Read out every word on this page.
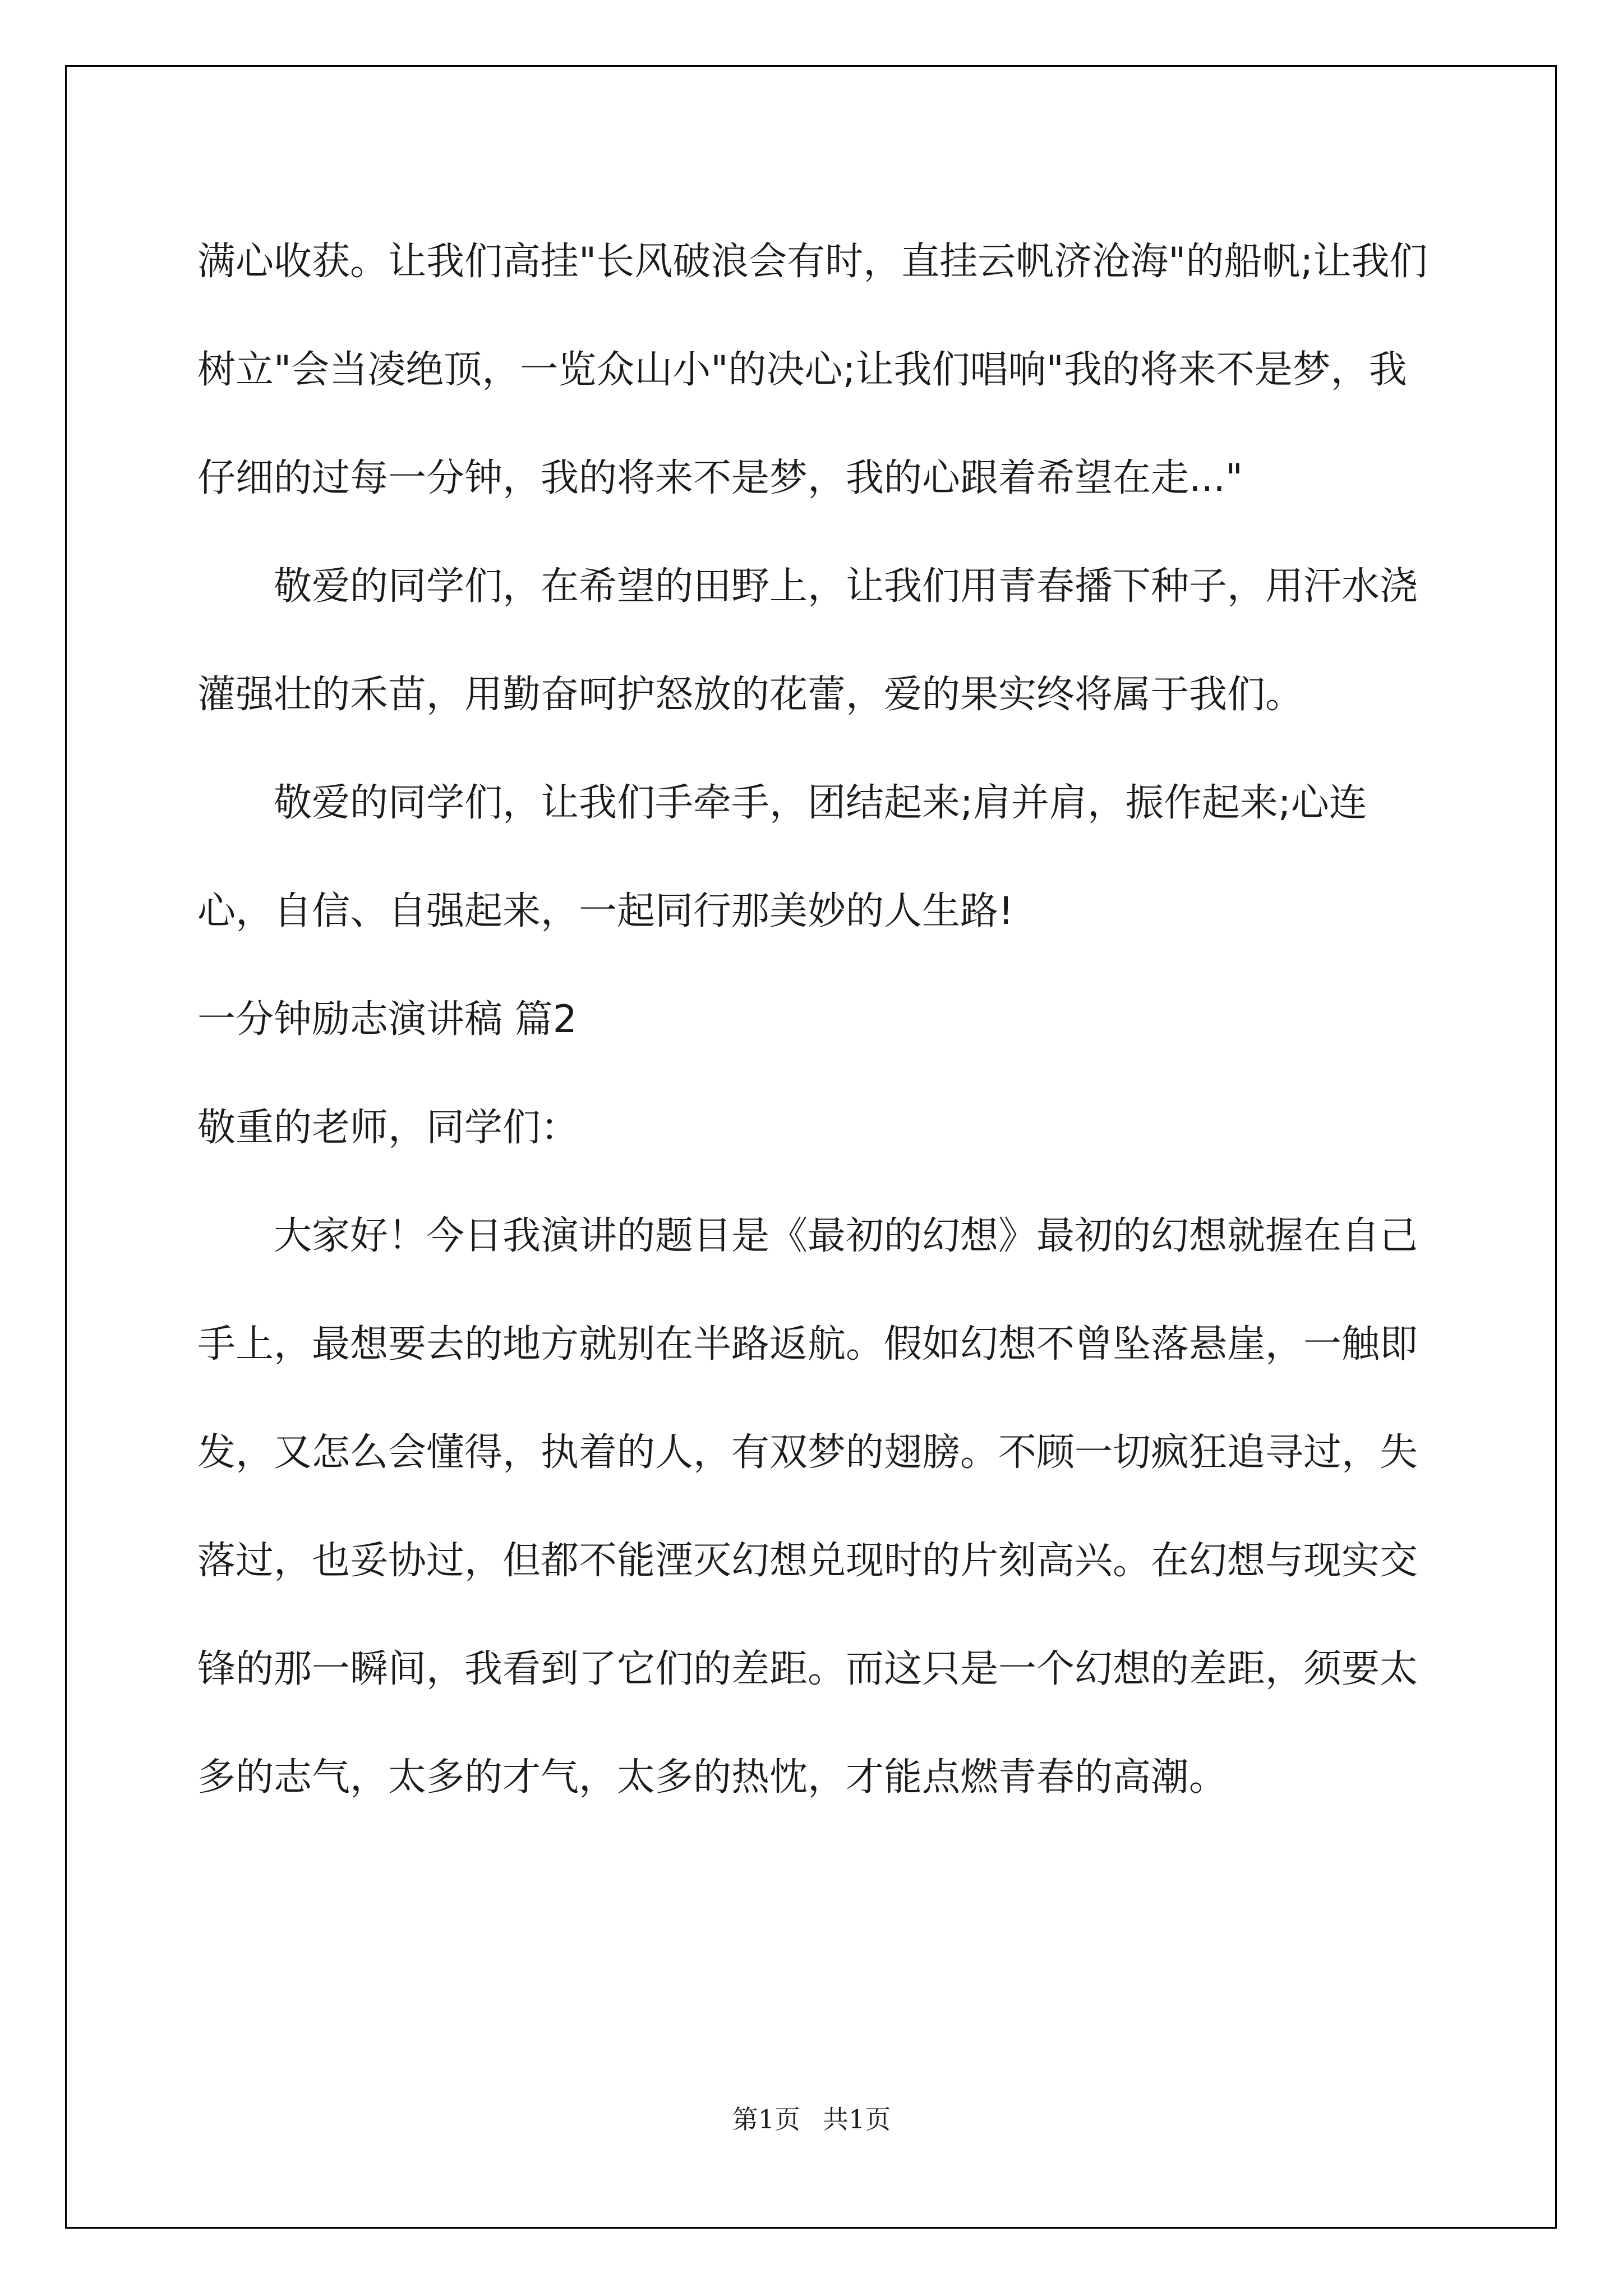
满心收获。让我们高挂"长风破浪会有时，直挂云帆济沧海"的船帆;让我们树立"会当凌绝顶，一览众山小"的决心;让我们唱响"我的将来不是梦，我仔细的过每一分钟，我的将来不是梦，我的心跟着希望在走..."

敬爱的同学们，在希望的田野上，让我们用青春播下种子，用汗水浇灌强壮的禾苗，用勤奋呵护怒放的花蕾，爱的果实终将属于我们。

敬爱的同学们，让我们手牵手，团结起来;肩并肩，振作起来;心连心，自信、自强起来，一起同行那美妙的人生路!

一分钟励志演讲稿 篇2

敬重的老师，同学们：

大家好！今日我演讲的题目是《最初的幻想》最初的幻想就握在自己手上，最想要去的地方就别在半路返航。假如幻想不曾坠落悬崖，一触即发，又怎么会懂得，执着的人，有双梦的翅膀。不顾一切疯狂追寻过，失落过，也妥协过，但都不能湮灭幻想兑现时的片刻高兴。在幻想与现实交锋的那一瞬间，我看到了它们的差距。而这只是一个幻想的差距，须要太多的志气，太多的才气，太多的热忱，才能点燃青春的高潮。

第1页 共1页
